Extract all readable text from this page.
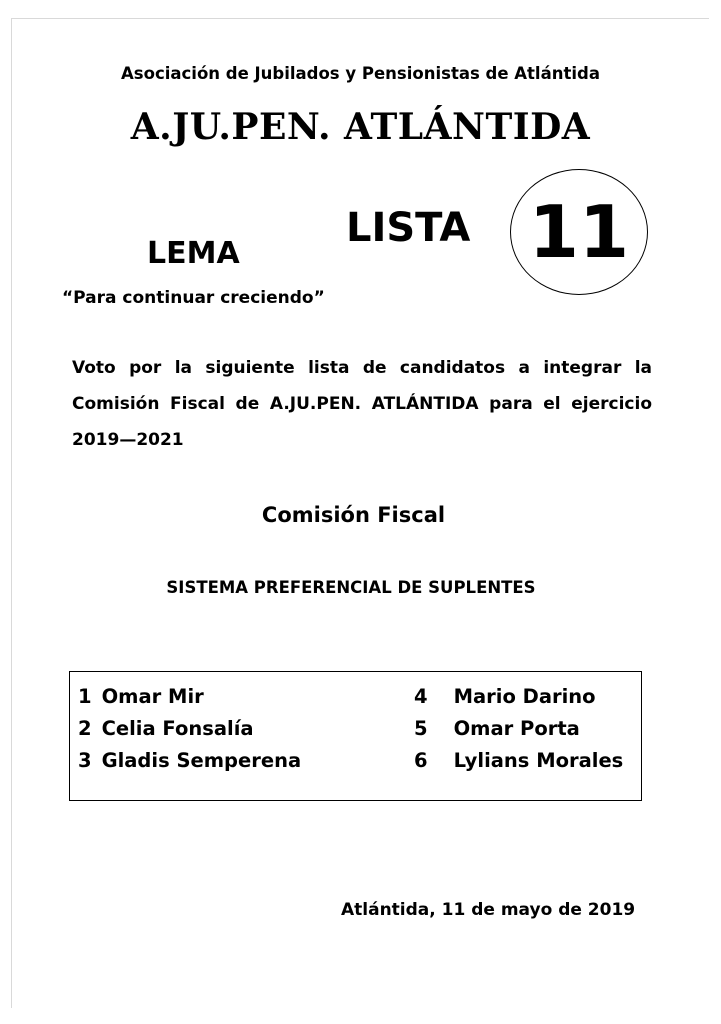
Asociación de Jubilados y Pensionistas de Atlántida
A.JU.PEN. ATLÁNTIDA
LISTA 11
LEMA
“Para continuar creciendo”
Voto por la siguiente lista de candidatos a integrar la Comisión Fiscal de A.JU.PEN. ATLÁNTIDA para el ejercicio 2019—2021
Comisión Fiscal
SISTEMA PREFERENCIAL DE SUPLENTES
1 Omar Mir
2 Celia Fonsalía
3 Gladis Semperena
4 Mario Darino
5 Omar Porta
6 Lylians Morales
Atlántida, 11 de mayo de 2019
